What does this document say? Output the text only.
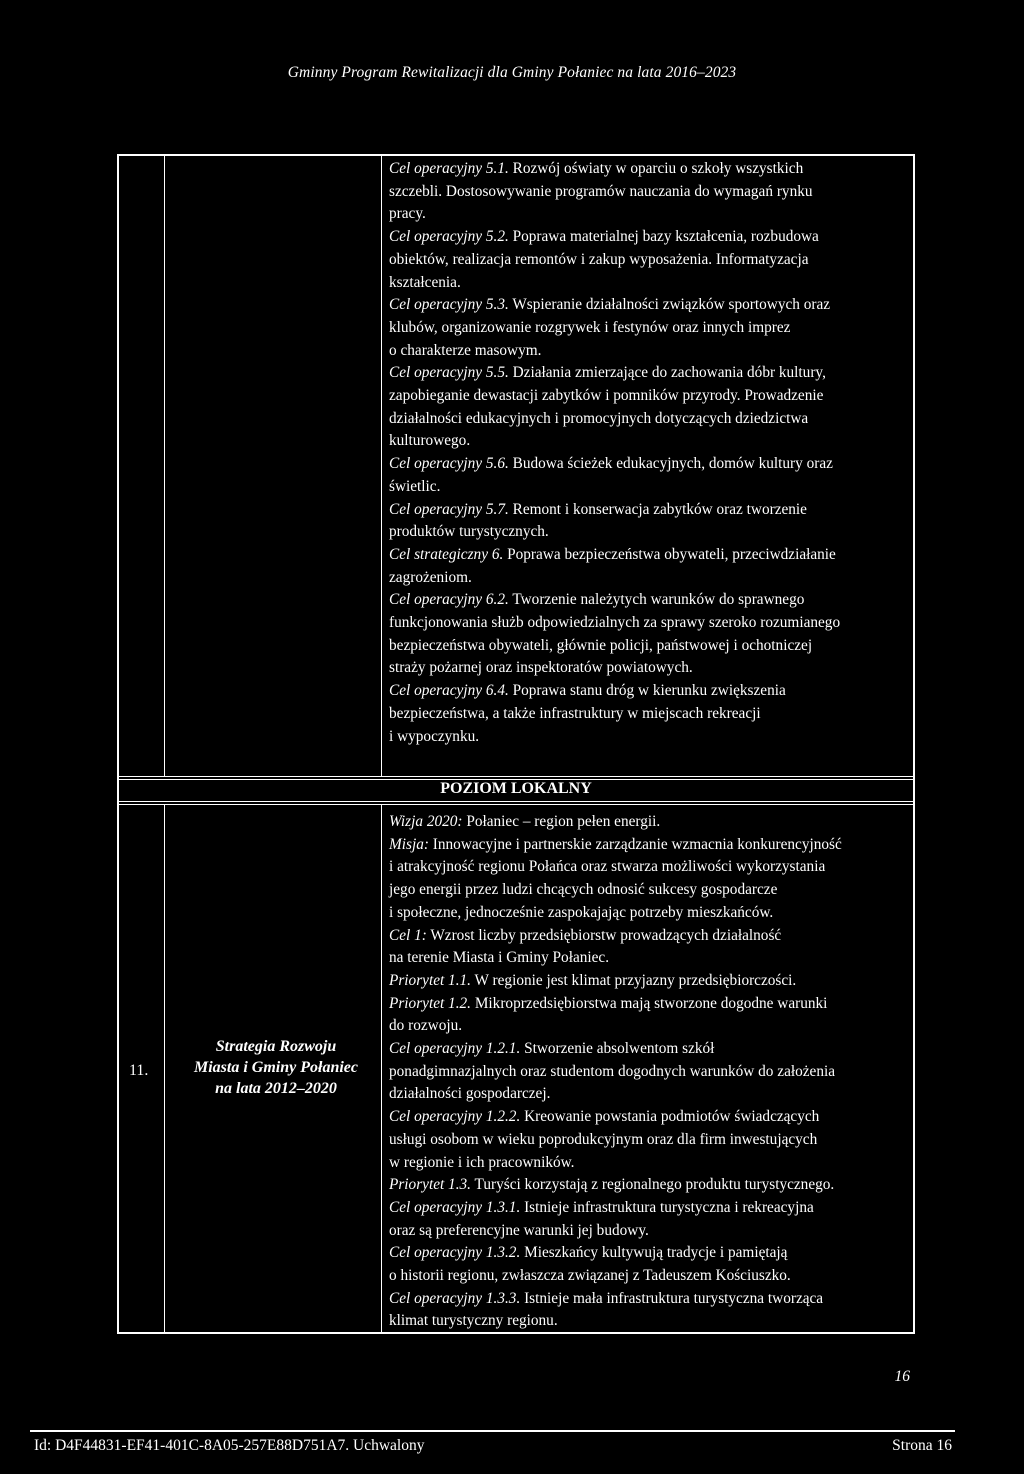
Gminny Program Rewitalizacji dla Gminy Połaniec na lata 2016–2023

Cel operacyjny 5.1. Rozwój oświaty w oparciu o szkoły wszystkich

szczebli. Dostosowywanie programów nauczania do wymagań rynku

pracy.

Cel operacyjny 5.2. Poprawa materialnej bazy kształcenia, rozbudowa

obiektów, realizacja remontów i zakup wyposażenia. Informatyzacja

kształcenia.

Cel operacyjny 5.3. Wspieranie działalności związków sportowych oraz

klubów, organizowanie rozgrywek i festynów oraz innych imprez

o charakterze masowym.

Cel operacyjny 5.5. Działania zmierzające do zachowania dóbr kultury,

zapobieganie dewastacji zabytków i pomników przyrody. Prowadzenie

działalności edukacyjnych i promocyjnych dotyczących dziedzictwa

kulturowego.

Cel operacyjny 5.6. Budowa ścieżek edukacyjnych, domów kultury oraz

świetlic.

Cel operacyjny 5.7. Remont i konserwacja zabytków oraz tworzenie

produktów turystycznych.

Cel strategiczny 6. Poprawa bezpieczeństwa obywateli, przeciwdziałanie

zagrożeniom.

Cel operacyjny 6.2. Tworzenie należytych warunków do sprawnego

funkcjonowania służb odpowiedzialnych za sprawy szeroko rozumianego

bezpieczeństwa obywateli, głównie policji, państwowej i ochotniczej

straży pożarnej oraz inspektoratów powiatowych.

Cel operacyjny 6.4. Poprawa stanu dróg w kierunku zwiększenia

bezpieczeństwa, a także infrastruktury w miejscach rekreacji

i wypoczynku.

POZIOM LOKALNY
11.
Strategia Rozwoju
Miasta i Gminy Połaniec
na lata 2012–2020

Wizja 2020: Połaniec – region pełen energii.

Misja: Innowacyjne i partnerskie zarządzanie wzmacnia konkurencyjność

i atrakcyjność regionu Połańca oraz stwarza możliwości wykorzystania

jego energii przez ludzi chcących odnosić sukcesy gospodarcze

i społeczne, jednocześnie zaspokajając potrzeby mieszkańców.

Cel 1: Wzrost liczby przedsiębiorstw prowadzących działalność

na terenie Miasta i Gminy Połaniec.

Priorytet 1.1. W regionie jest klimat przyjazny przedsiębiorczości.

Priorytet 1.2. Mikroprzedsiębiorstwa mają stworzone dogodne warunki

do rozwoju.

Cel operacyjny 1.2.1. Stworzenie absolwentom szkół

ponadgimnazjalnych oraz studentom dogodnych warunków do założenia

działalności gospodarczej.

Cel operacyjny 1.2.2. Kreowanie powstania podmiotów świadczących

usługi osobom w wieku poprodukcyjnym oraz dla firm inwestujących

w regionie i ich pracowników.

Priorytet 1.3. Turyści korzystają z regionalnego produktu turystycznego.

Cel operacyjny 1.3.1. Istnieje infrastruktura turystyczna i rekreacyjna

oraz są preferencyjne warunki jej budowy.

Cel operacyjny 1.3.2. Mieszkańcy kultywują tradycje i pamiętają

o historii regionu, zwłaszcza związanej z Tadeuszem Kościuszko.

Cel operacyjny 1.3.3. Istnieje mała infrastruktura turystyczna tworząca

klimat turystyczny regionu.

16
Id: D4F44831-EF41-401C-8A05-257E88D751A7. Uchwalony	Strona 16
